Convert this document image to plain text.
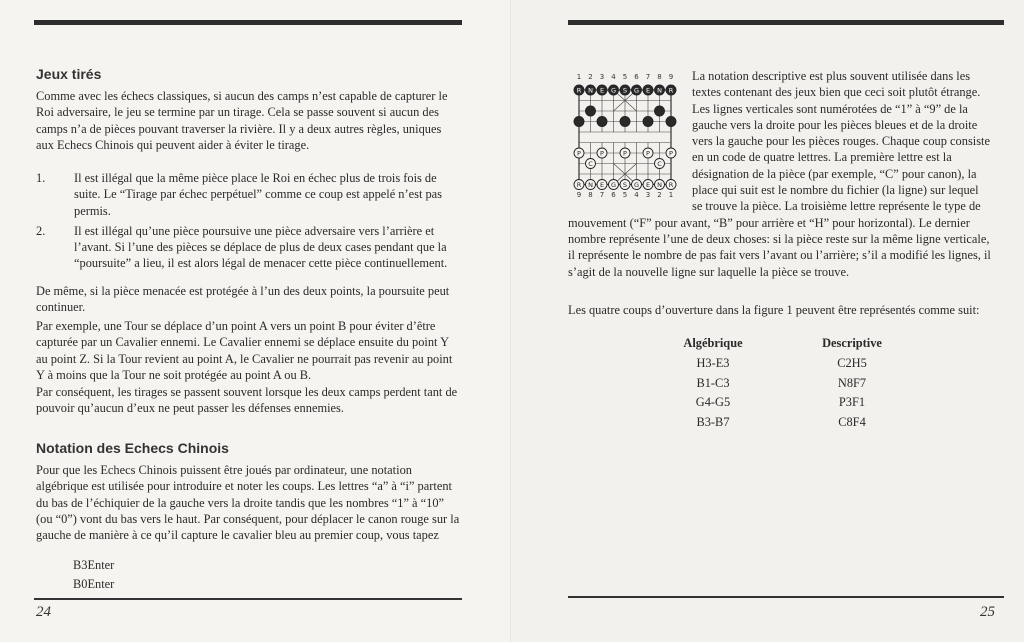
Jeux tirés

Comme avec les échecs classiques, si aucun des camps n’est capable de capturer le Roi adversaire, le jeu se termine par un tirage. Cela se passe souvent si aucun des camps n’a de pièces pouvant traverser la rivière. Il y a deux autres règles, uniques aux Echecs Chinois qui peuvent aider à éviter le tirage.

1. Il est illégal que la même pièce place le Roi en échec plus de trois fois de suite. Le “Tirage par échec perpétuel” comme ce coup est appelé n’est pas permis.
2. Il est illégal qu’une pièce poursuive une pièce adversaire vers l’arrière et l’avant. Si l’une des pièces se déplace de plus de deux cases pendant que la “poursuite” a lieu, il est alors légal de menacer cette pièce continuellement.

De même, si la pièce menacée est protégée à l’un des deux points, la poursuite peut continuer.

Par exemple, une Tour se déplace d’un point A vers un point B pour éviter d’être capturée par un Cavalier ennemi. Le Cavalier ennemi se déplace ensuite du point Y au point Z. Si la Tour revient au point A, le Cavalier ne pourrait pas revenir au point Y à moins que la Tour ne soit protégée au point A ou B.

Par conséquent, les tirages se passent souvent lorsque les deux camps perdent tant de pouvoir qu’aucun d’eux ne peut passer les défenses ennemies.

Notation des Echecs Chinois

Pour que les Echecs Chinois puissent être joués par ordinateur, une notation algébrique est utilisée pour introduire et noter les coups. Les lettres “a” à “i” partent du bas de l’échiquier de la gauche vers la droite tandis que les nombres “1” à “10” (ou “0”) vont du bas vers le haut. Par conséquent, pour déplacer le canon rouge sur la gauche de manière à ce qu’il capture le cavalier bleu au premier coup, vous tapez

B3Enter
B0Enter
24	25
La notation descriptive est plus souvent utilisée dans les textes contenant des jeux bien que ceci soit plutôt étrange. Les lignes verticales sont numérotées de “1” à “9” de la gauche vers la droite pour les pièces bleues et de la droite vers la gauche pour les pièces rouges. Chaque coup consiste en un code de quatre lettres. La première lettre est la désignation de la pièce (par exemple, “C” pour canon), la place qui suit est le nombre du fichier (la ligne) sur lequel se trouve la pièce. La troisième lettre représente le type de mouvement (“F” pour avant, “B” pour arrière et “H” pour horizontal). Le dernier nombre représente l’une de deux choses: si la pièce reste sur la même ligne verticale, il représente le nombre de pas fait vers l’avant ou l’arrière; s’il a modifié les lignes, il s’agit de la nouvelle ligne sur laquelle la pièce se trouve.

Les quatre coups d’ouverture dans la figure 1 peuvent être représentés comme suit:

1 2 3 4 5 6 7 8 9
R N E G S G E N R
P	P	P	P	P
C	C
R N E G S G E N R
9 8 7 6 5 4 3 2 1
Algébrique		Descriptive
H3-E3		C2H5
B1-C3		N8F7
G4-G5		P3F1
B3-B7		C8F4
